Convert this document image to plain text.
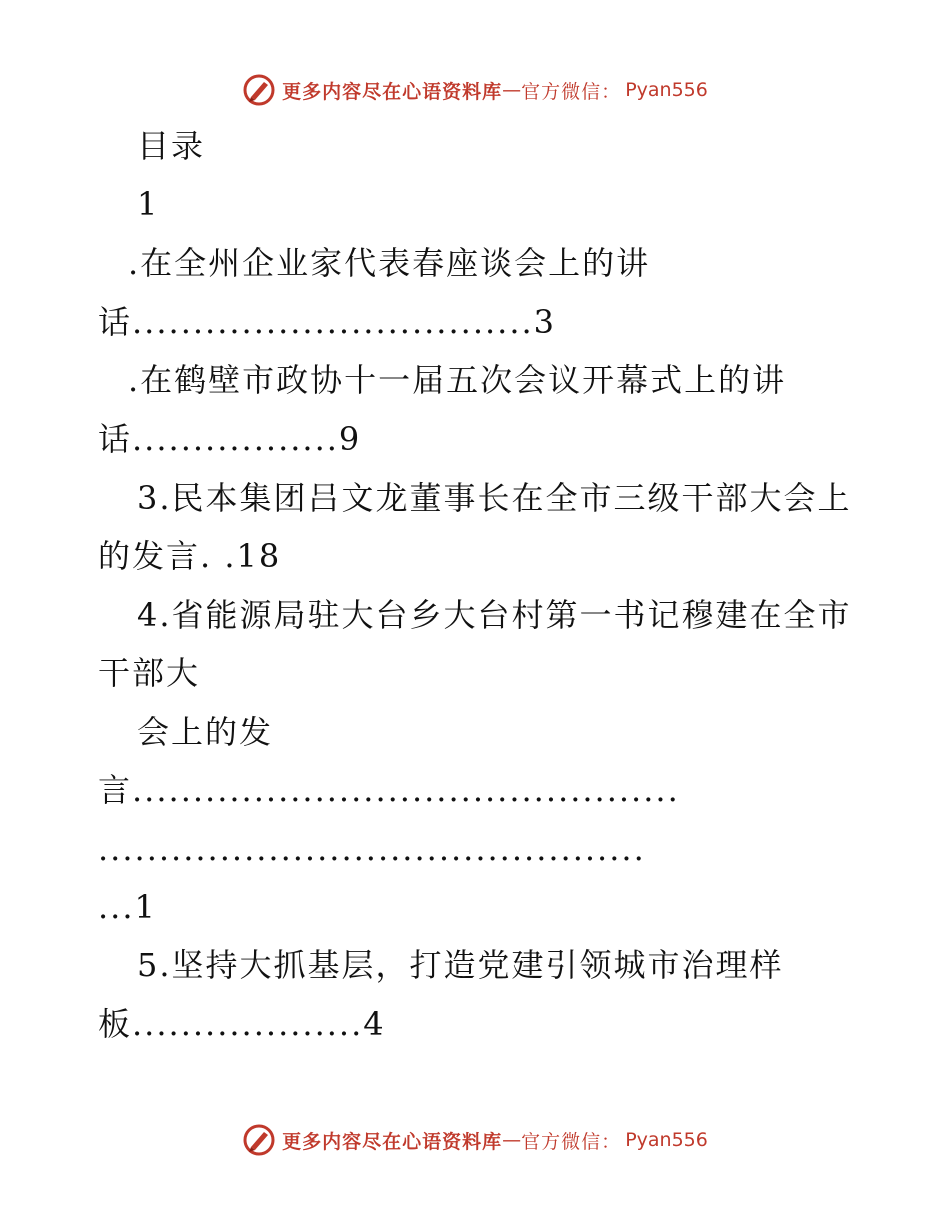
更多内容尽在心语资料库 — 官方微信： Pyan556
目录
1
.在全州企业家代表春座谈会上的讲
话.................................3
.在鹤壁市政协十一届五次会议开幕式上的讲
话.................9
3.民本集团吕文龙董事长在全市三级干部大会上
的发言. .18
4.省能源局驻大台乡大台村第一书记穆建在全市
干部大
会上的发
言.............................................
.............................................
...1
5.坚持大抓基层，打造党建引领城市治理样
板...................4
更多内容尽在心语资料库 — 官方微信： Pyan556
